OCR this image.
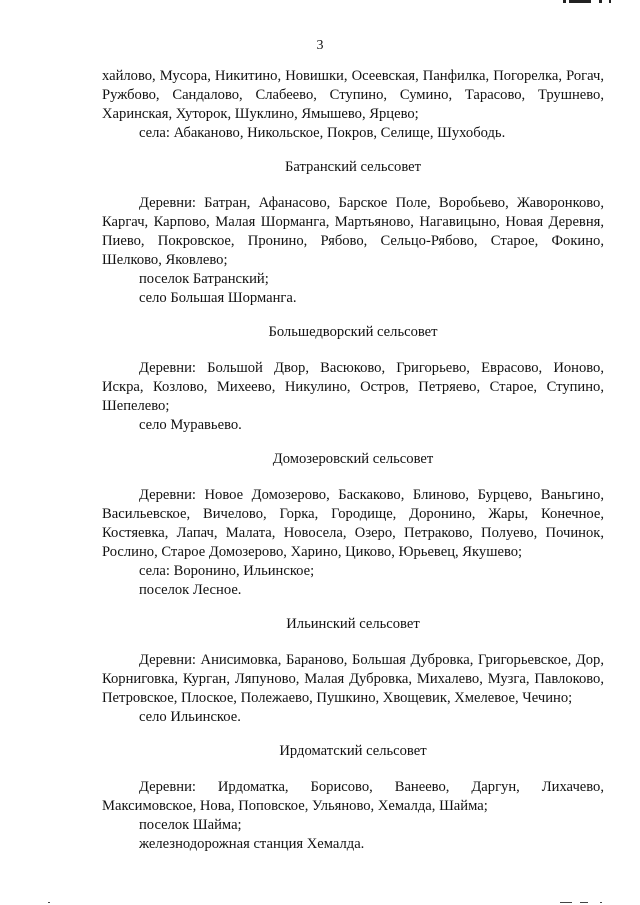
3

хайлово, Мусора, Никитино, Новишки, Осеевская, Панфилка, Погорелка, Рогач, Ружбово, Сандалово, Слабеево, Ступино, Сумино, Тарасово, Трушнево, Харинская, Хуторок, Шуклино, Ямышево, Ярцево;

села: Абаканово, Никольское, Покров, Селище, Шухободь.

Батранский сельсовет

Деревни: Батран, Афанасово, Барское Поле, Воробьево, Жаворонково, Каргач, Карпово, Малая Шорманга, Мартьяново, Нагавицыно, Новая Деревня, Пиево, Покровское, Пронино, Рябово, Сельцо-Рябово, Старое, Фокино, Шелково, Яковлево;

поселок Батранский;

село Большая Шорманга.

Большедворский сельсовет

Деревни: Большой Двор, Васюково, Григорьево, Еврасово, Ионово, Искра, Козлово, Михеево, Никулино, Остров, Петряево, Старое, Ступино, Шепелево;

село Муравьево.

Домозеровский сельсовет

Деревни: Новое Домозерово, Баскаково, Блиново, Бурцево, Ваньгино, Васильевское, Вичелово, Горка, Городище, Доронино, Жары, Конечное, Костяевка, Лапач, Малата, Новосела, Озеро, Петраково, Полуево, Починок, Рослино, Старое Домозерово, Харино, Циково, Юрьевец, Якушево;

села: Воронино, Ильинское;

поселок Лесное.

Ильинский сельсовет

Деревни: Анисимовка, Бараново, Большая Дубровка, Григорьевское, Дор, Корниговка, Курган, Ляпуново, Малая Дубровка, Михалево, Музга, Павлоково, Петровское, Плоское, Полежаево, Пушкино, Хвощевик, Хмелевое, Чечино;

село Ильинское.

Ирдоматский сельсовет

Деревни: Ирдоматка, Борисово, Ванеево, Даргун, Лихачево, Максимовское, Нова, Поповское, Ульяново, Хемалда, Шайма;

поселок Шайма;

железнодорожная станция Хемалда.
